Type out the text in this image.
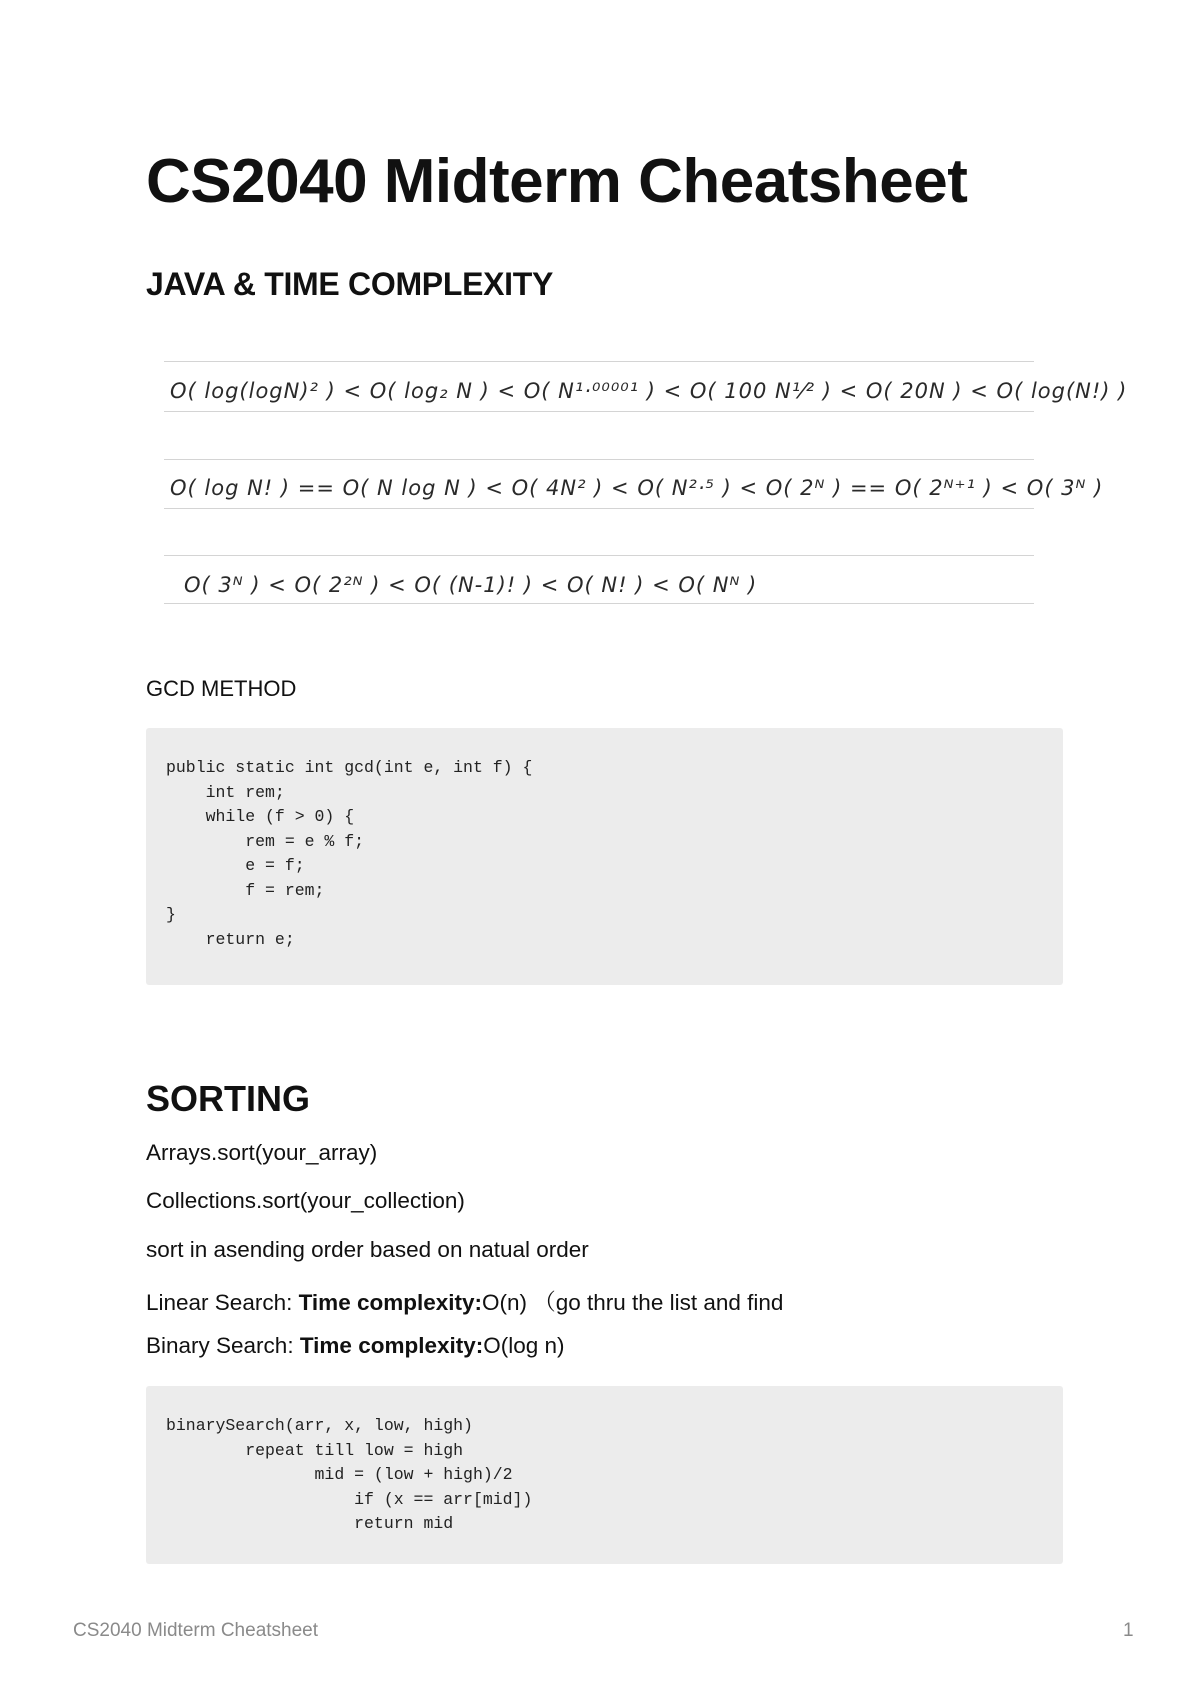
CS2040 Midterm Cheatsheet
JAVA & TIME COMPLEXITY
O( log(logN)² ) < O( log₂ N ) < O( N¹·⁰⁰⁰⁰¹ ) < O( 100 N¹⁄² ) < O( 20N ) < O( log(N!) )
O( log N! ) == O( N log N ) < O( 4N² ) < O( N²·⁵ ) < O( 2ᴺ ) == O( 2ᴺ⁺¹ ) < O( 3ᴺ )
O( 3ᴺ ) < O( 2²ᴺ ) < O( (N-1)! ) < O( N! ) < O( Nᴺ )

GCD METHOD

public static int gcd(int e, int f) {
int rem;
while (f > 0) {
rem = e % f;
e = f;
f = rem;
}
return e;
SORTING

Arrays.sort(your_array)

Collections.sort(your_collection)

sort in asending order based on natual order

Linear Search: Time complexity:O(n) （go thru the list and find

Binary Search: Time complexity:O(log n)

binarySearch(arr, x, low, high)
repeat till low = high
mid = (low + high)/2
if (x == arr[mid])
return mid
CS2040 Midterm Cheatsheet	1
